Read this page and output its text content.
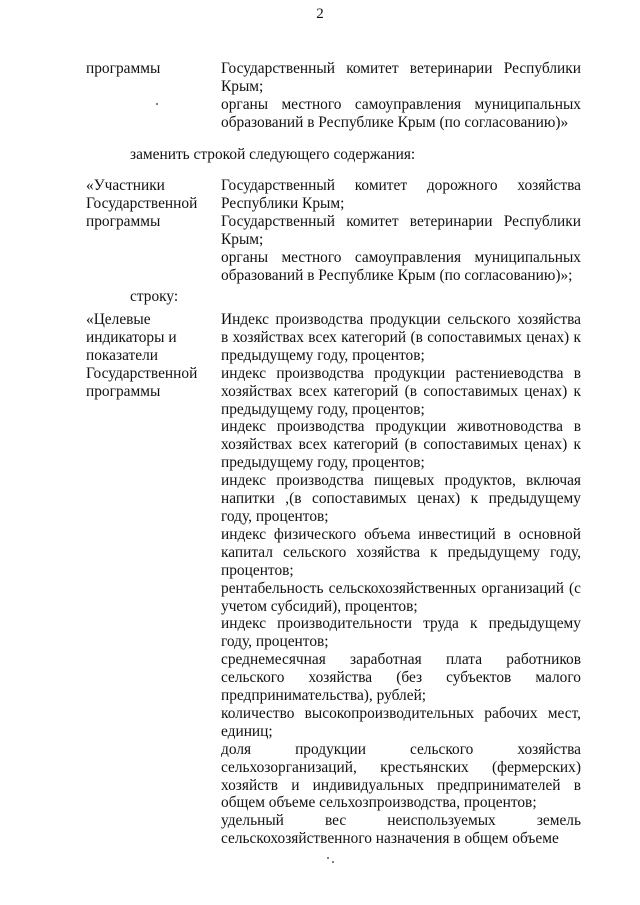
2
программы	Государственный комитет ветеринарии Республики Крым;
органы местного самоуправления муниципальных образований в Республике Крым (по согласованию)»
заменить строкой следующего содержания:
«Участники
Государственной
программы
Государственный комитет дорожного хозяйства Республики Крым;
Государственный комитет ветеринарии Республики Крым;
органы местного самоуправления муниципальных образований в Республике Крым (по согласованию)»;
строку:
«Целевые
индикаторы и
показатели
Государственной
программы
Индекс производства продукции сельского хозяйства в хозяйствах всех категорий (в сопоставимых ценах) к предыдущему году, процентов;
индекс производства продукции растениеводства в хозяйствах всех категорий (в сопоставимых ценах) к предыдущему году, процентов;
индекс производства продукции животноводства в хозяйствах всех категорий (в сопоставимых ценах) к предыдущему году, процентов;
индекс производства пищевых продуктов, включая напитки ,(в сопоставимых ценах) к предыдущему году, процентов;
индекс физического объема инвестиций в основной капитал сельского хозяйства к предыдущему году, процентов;
рентабельность сельскохозяйственных организаций (с учетом субсидий), процентов;
индекс производительности труда к предыдущему году, процентов;
среднемесячная заработная плата работников сельского хозяйства (без субъектов малого предпринимательства), рублей;
количество высокопроизводительных рабочих мест, единиц;
доля продукции сельского хозяйства сельхозорганизаций, крестьянских (фермерских) хозяйств и индивидуальных предпринимателей в общем объеме сельхозпроизводства, процентов;
удельный вес неиспользуемых земель сельскохозяйственного назначения в общем объеме
